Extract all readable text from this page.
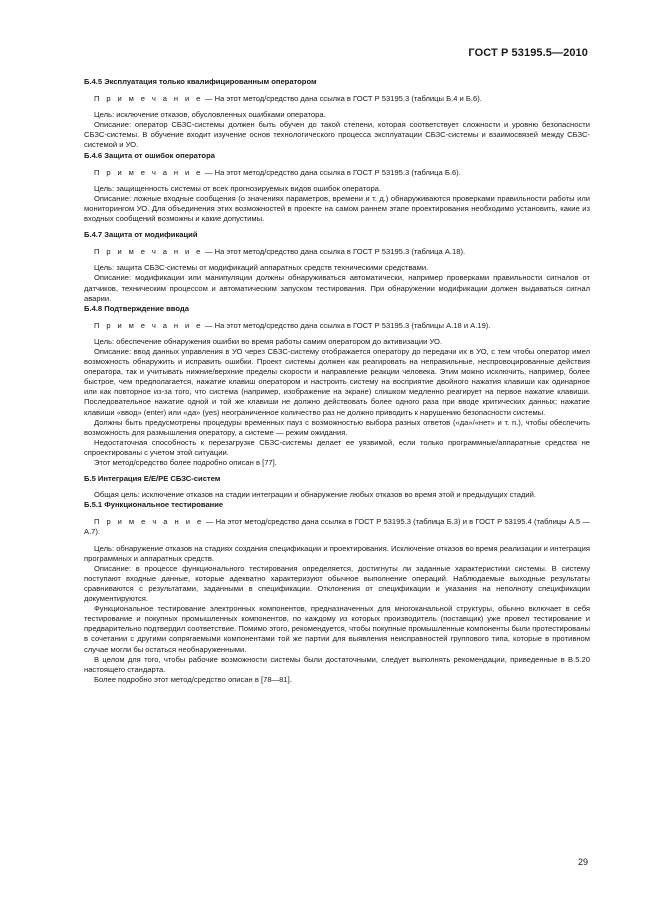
ГОСТ Р 53195.5—2010

Б.4.5 Эксплуатация только квалифицированным оператором

П р и м е ч а н и е — На этот метод/средство дана ссылка в ГОСТ Р 53195.3 (таблицы Б.4 и Б.6).

Цель: исключение отказов, обусловленных ошибками оператора.

Описание: оператор СБЗС-системы должен быть обучен до такой степени, которая соответствует сложности и уровню безопасности СБЗС-системы. В обучение входит изучение основ технологического процесса эксплуатации СБЗС-системы и взаимосвязей между СБЗС-системой и УО.

Б.4.6 Защита от ошибок оператора

П р и м е ч а н и е — На этот метод/средство дана ссылка в ГОСТ Р 53195.3 (таблица Б.6).

Цель: защищенность системы от всех прогнозируемых видов ошибок оператора.

Описание: ложные входные сообщения (о значениях параметров, времени и т. д.) обнаруживаются проверками правильности работы или мониторингом УО. Для объединения этих возможностей в проекте на самом раннем этапе проектирования необходимо установить, какие из входных сообщений возможны и какие допустимы.

Б.4.7 Защита от модификаций

П р и м е ч а н и е — На этот метод/средство дана ссылка в ГОСТ Р 53195.3 (таблица А.18).

Цель: защита СБЗС-системы от модификаций аппаратных средств техническими средствами.

Описание: модификации или манипуляции должны обнаруживаться автоматически, например проверками правильности сигналов от датчиков, техническим процессом и автоматическим запуском тестирования. При обнаружении модификации должен выдаваться сигнал аварии.

Б.4.8 Подтверждение ввода

П р и м е ч а н и е — На этот метод/средство дана ссылка в ГОСТ Р 53195.3 (таблицы А.18 и А.19).

Цель: обеспечение обнаружения ошибки во время работы самим оператором до активизации УО.

Описание: ввод данных управления в УО через СБЗС-систему отображается оператору до передачи их в УО, с тем чтобы оператор имел возможность обнаружить и исправить ошибки. Проект системы должен как реагировать на неправильные, неспровоцированные действия оператора, так и учитывать нижние/верхние пределы скорости и направление реакции человека. Этим можно исключить, например, более быстрое, чем предполагается, нажатие клавиш оператором и настроить систему на восприятие двойного нажатия клавиши как одинарное или как повторное из-за того, что система (например, изображение на экране) слишком медленно реагирует на первое нажатие клавиши. Последовательное нажатие одной и той же клавиши не должно действовать более одного раза при вводе критических данных; нажатие клавиши «ввод» (enter) или «да» (yes) неограниченное количество раз не должно приводить к нарушению безопасности системы.

Должны быть предусмотрены процедуры временных пауз с возможностью выбора разных ответов («да»/«нет» и т. п.), чтобы обеспечить возможность для размышления оператору, а системе — режим ожидания.

Недостаточная способность к перезагрузке СБЗС-системы делает ее уязвимой, если только программные/аппаратные средства не спроектированы с учетом этой ситуации.

Этот метод/средство более подробно описан в [77].

Б.5 Интеграция Е/Е/РЕ СБЗС-систем

Общая цель: исключение отказов на стадии интеграции и обнаружение любых отказов во время этой и предыдущих стадий.

Б.5.1 Функциональное тестирование

П р и м е ч а н и е — На этот метод/средство дана ссылка в ГОСТ Р 53195.3 (таблица Б.3) и в ГОСТ Р 53195.4 (таблицы А.5 — А.7).

Цель: обнаружение отказов на стадиях создания спецификации и проектирования. Исключение отказов во время реализации и интеграция программных и аппаратных средств.

Описание: в процессе функционального тестирования определяется, достигнуты ли заданные характеристики системы. В систему поступают входные данные, которые адекватно характеризуют обычное выполнение операций. Наблюдаемые выходные результаты сравниваются с результатами, заданными в спецификации. Отклонения от спецификации и указания на неполноту спецификации документируются.

Функциональное тестирование электронных компонентов, предназначенных для многоканальной структуры, обычно включает в себя тестирование и покупных промышленных компонентов, по каждому из которых производитель (поставщик) уже провел тестирование и предварительно подтвердил соответствие. Помимо этого, рекомендуется, чтобы покупные промышленные компоненты были протестированы в сочетании с другими сопрягаемыми компонентами той же партии для выявления неисправностей группового типа, которые в противном случае могли бы остаться необнаруженными.

В целом для того, чтобы рабочие возможности системы были достаточными, следует выполнять рекомендации, приведенные в В.5.20 настоящего стандарта.

Более подробно этот метод/средство описан в [78—81].

29
